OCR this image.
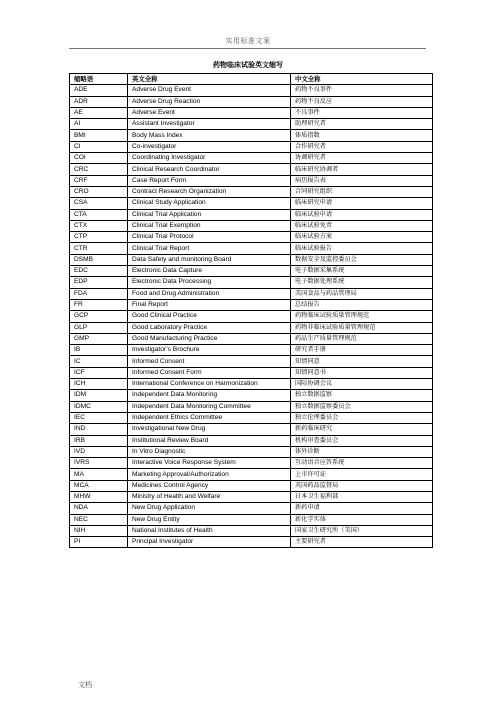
实用标准文案
药物临床试验英文缩写
缩略语	英文全称	中文全称
ADE	Adverse Drug Event	药物不良事件
ADR	Adverse Drug Reaction	药物不良反应
AE	Adverse Event	不良事件
AI	Assistant Investigator	助理研究者
BMI	Body Mass Index	体质指数
CI	Co-investigator	合作研究者
COI	Coordinating Investigator	协调研究者
CRC	Clinical Research Coordinator	临床研究协调者
CRF	Case Report Form	病历报告表
CRO	Contract Research Organization	合同研究组织
CSA	Clinical Study Application	临床研究申请
CTA	Clinical Trial Application	临床试验申请
CTX	Clinical Trial Exemption	临床试验免责
CTP	Clinical Trial Protocol	临床试验方案
CTR	Clinical Trial Report	临床试验报告
DSMB	Data Safety and monitoring Board	数据安全及监控委员会
EDC	Electronic Data Capture	电子数据采集系统
EDP	Electronic Data Processing	电子数据处理系统
FDA	Food and Drug Administration	美国食品与药品管理局
FR	Final Report	总结报告
GCP	Good Clinical Practice	药物临床试验质量管理规范
GLP	Good Laboratory Practice	药物非临床试验质量管理规范
GMP	Good Manufacturing Practice	药品生产质量管理规范
IB	Investigator’s Brochure	研究者手册
IC	Informed Consent	知情同意
ICF	Informed Consent Form	知情同意书
ICH	International Conference on Harmonization	国际协调会议
IDM	Independent Data Monitoring	独立数据监察
IDMC	Independent Data Monitoring Committee	独立数据监察委员会
IEC	Independent Ethics Committee	独立伦理委员会
IND	Investigational New Drug	新药临床研究
IRB	Institutional Review Board	机构审查委员会
IVD	In Vitro Diagnostic	体外诊断
IVRS	Interactive Voice Response System	互动语音应答系统
MA	Marketing Approval/Authorization	上市许可证
MCA	Medicines Control Agency	英国药品监督局
MHW	Ministry of Health and Welfare	日本卫生福利部
NDA	New Drug Application	新药申请
NEC	New Drug Entity	新化学实体
NIH	National Institutes of Health	国家卫生研究所（美国）
PI	Principal Investigator	主要研究者
文档
